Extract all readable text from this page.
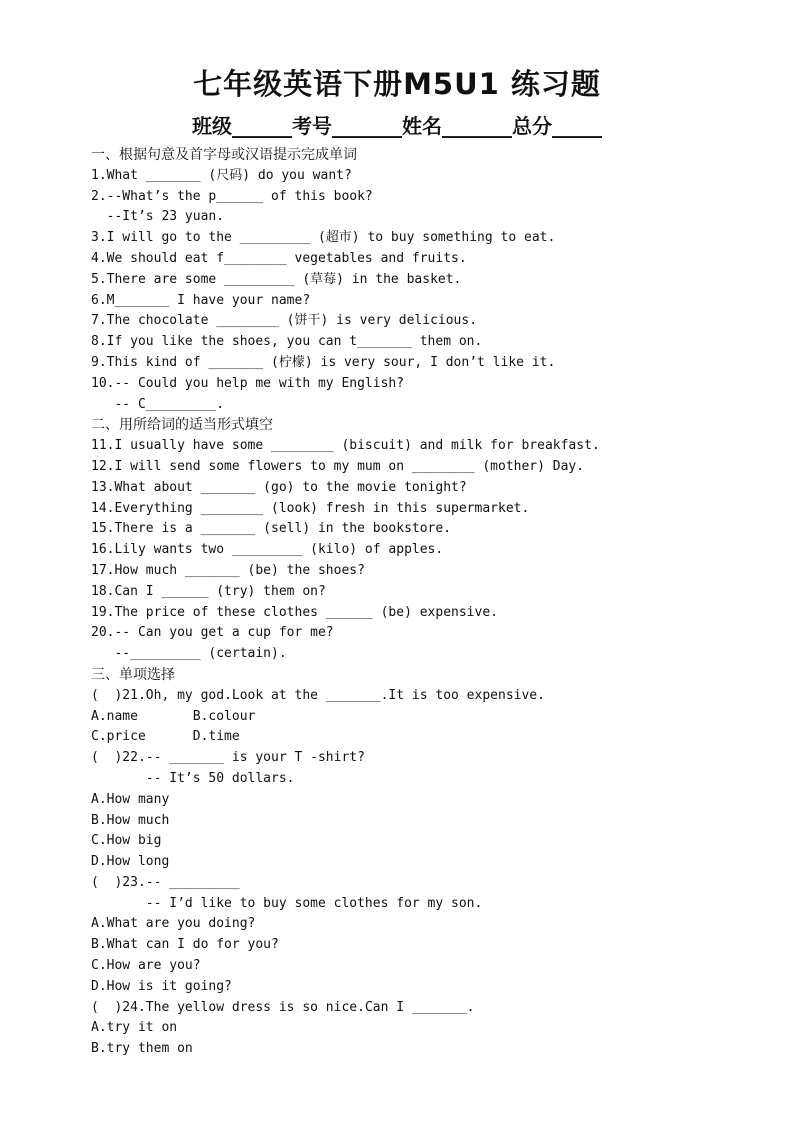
七年级英语下册M5U1 练习题
班级______考号_______姓名_______总分_____
一、根据句意及首字母或汉语提示完成单词
1.What _______ (尺码) do you want?
2.--What’s the p______ of this book?
--It’s 23 yuan.
3.I will go to the _________ (超市) to buy something to eat.
4.We should eat f________ vegetables and fruits.
5.There are some _________ (草莓) in the basket.
6.M_______ I have your name?
7.The chocolate ________ (饼干) is very delicious.
8.If you like the shoes, you can t_______ them on.
9.This kind of _______ (柠檬) is very sour, I don’t like it.
10.-- Could you help me with my English?
-- C_________.
二、用所给词的适当形式填空
11.I usually have some ________ (biscuit) and milk for breakfast.
12.I will send some flowers to my mum on ________ (mother) Day.
13.What about _______ (go) to the movie tonight?
14.Everything ________ (look) fresh in this supermarket.
15.There is a _______ (sell) in the bookstore.
16.Lily wants two _________ (kilo) of apples.
17.How much _______ (be) the shoes?
18.Can I ______ (try) them on?
19.The price of these clothes ______ (be) expensive.
20.-- Can you get a cup for me?
--_________ (certain).
三、单项选择
(  )21.Oh, my god.Look at the _______.It is too expensive.
A.name       B.colour
C.price      D.time
(  )22.-- _______ is your T -shirt?
-- It’s 50 dollars.
A.How many
B.How much
C.How big
D.How long
(  )23.-- _________
-- I’d like to buy some clothes for my son.
A.What are you doing?
B.What can I do for you?
C.How are you?
D.How is it going?
(  )24.The yellow dress is so nice.Can I _______.
A.try it on
B.try them on
